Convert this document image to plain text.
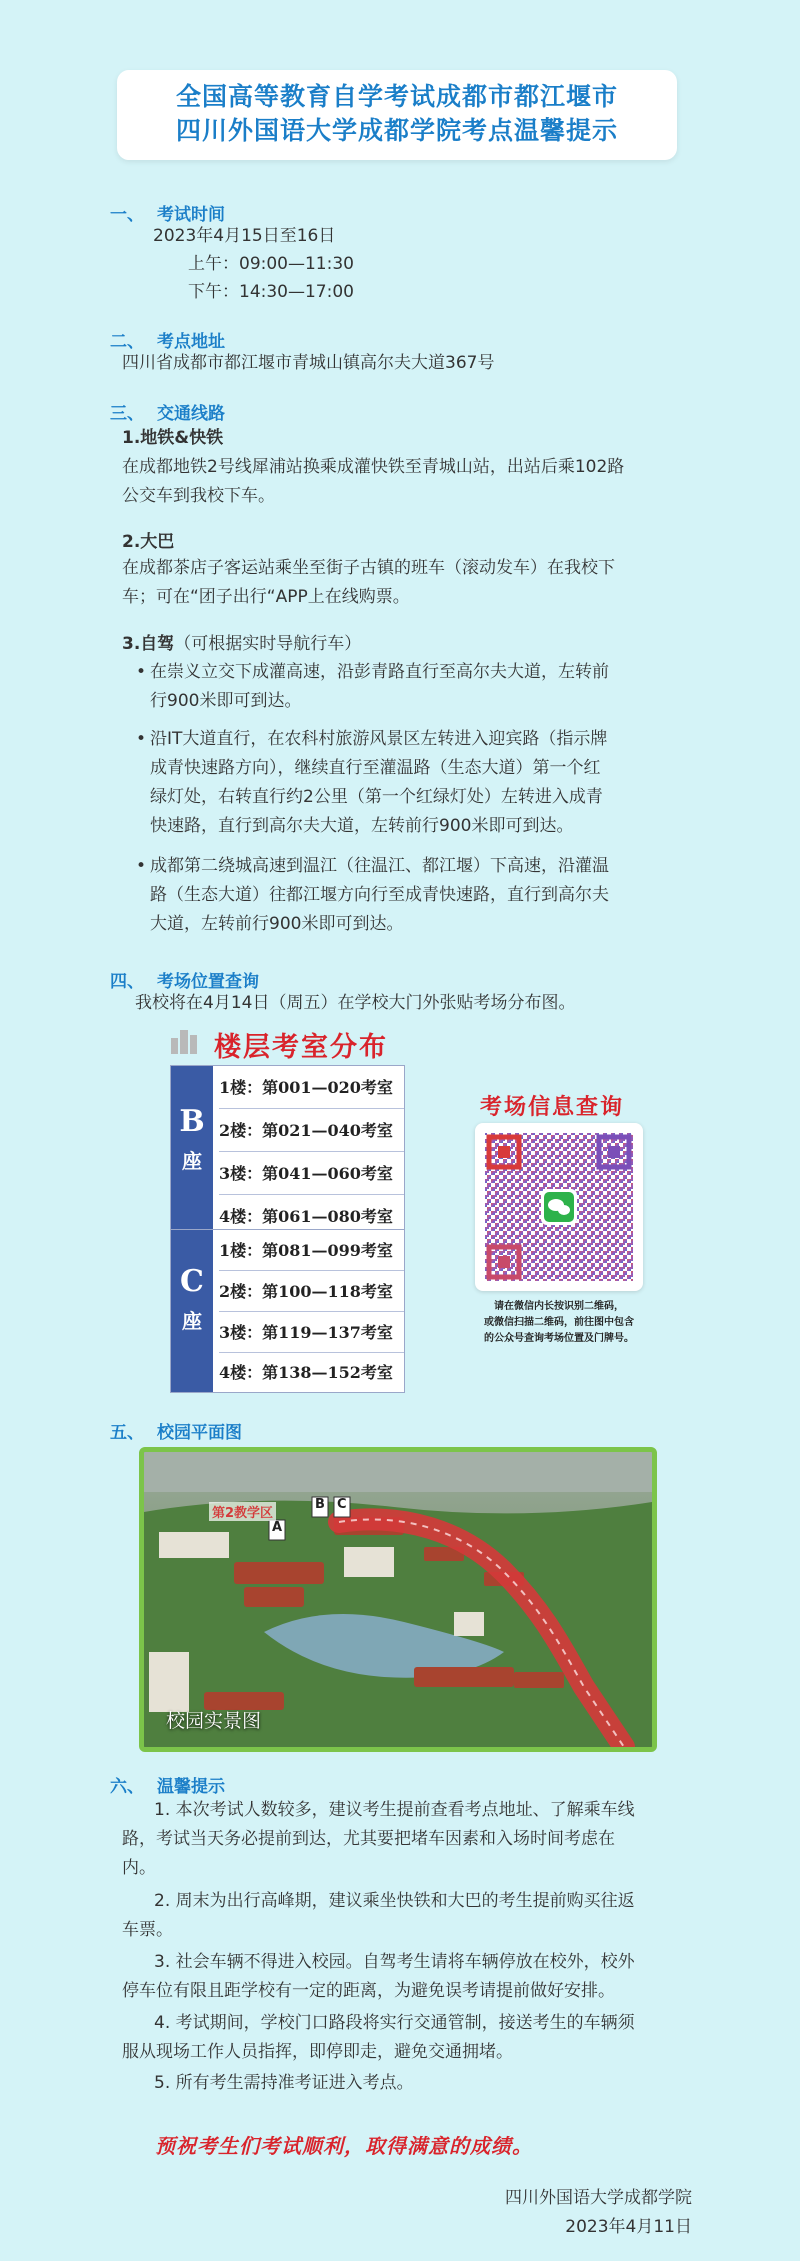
全国高等教育自学考试成都市都江堰市
四川外国语大学成都学院考点温馨提示
一、 考试时间
2023年4月15日至16日
上午：09:00—11:30
下午：14:30—17:00
二、 考点地址
四川省成都市都江堰市青城山镇高尔夫大道367号
三、 交通线路
1.地铁&快铁
在成都地铁2号线犀浦站换乘成灌快铁至青城山站，出站后乘102路
公交车到我校下车。
2.大巴
在成都茶店子客运站乘坐至街子古镇的班车（滚动发车）在我校下
车；可在“团子出行“APP上在线购票。
3.自驾（可根据实时导航行车）
• 在崇义立交下成灌高速，沿彭青路直行至高尔夫大道，左转前
行900米即可到达。
• 沿IT大道直行，在农科村旅游风景区左转进入迎宾路（指示牌
成青快速路方向），继续直行至灌温路（生态大道）第一个红
绿灯处，右转直行约2公里（第一个红绿灯处）左转进入成青
快速路，直行到高尔夫大道，左转前行900米即可到达。
• 成都第二绕城高速到温江（往温江、都江堰）下高速，沿灌温
路（生态大道）往都江堰方向行至成青快速路，直行到高尔夫
大道，左转前行900米即可到达。
四、 考场位置查询
我校将在4月14日（周五）在学校大门外张贴考场分布图。
楼层考室分布
B
座
1楼：第001—020考室
2楼：第021—040考室
3楼：第041—060考室
4楼：第061—080考室
C
座
1楼：第081—099考室
2楼：第100—118考室
3楼：第119—137考室
4楼：第138—152考室
考场信息查询
请在微信内长按识别二维码，
或微信扫描二维码，前往图中包含
的公众号查询考场位置及门牌号。
五、 校园平面图
第2教学区
A
B C
校园实景图
六、 温馨提示
1. 本次考试人数较多，建议考生提前查看考点地址、了解乘车线
路，考试当天务必提前到达，尤其要把堵车因素和入场时间考虑在
内。
2. 周末为出行高峰期，建议乘坐快铁和大巴的考生提前购买往返
车票。
3. 社会车辆不得进入校园。自驾考生请将车辆停放在校外，校外
停车位有限且距学校有一定的距离，为避免误考请提前做好安排。
4. 考试期间，学校门口路段将实行交通管制，接送考生的车辆须
服从现场工作人员指挥，即停即走，避免交通拥堵。
5. 所有考生需持准考证进入考点。
预祝考生们考试顺利，取得满意的成绩。
四川外国语大学成都学院
2023年4月11日
